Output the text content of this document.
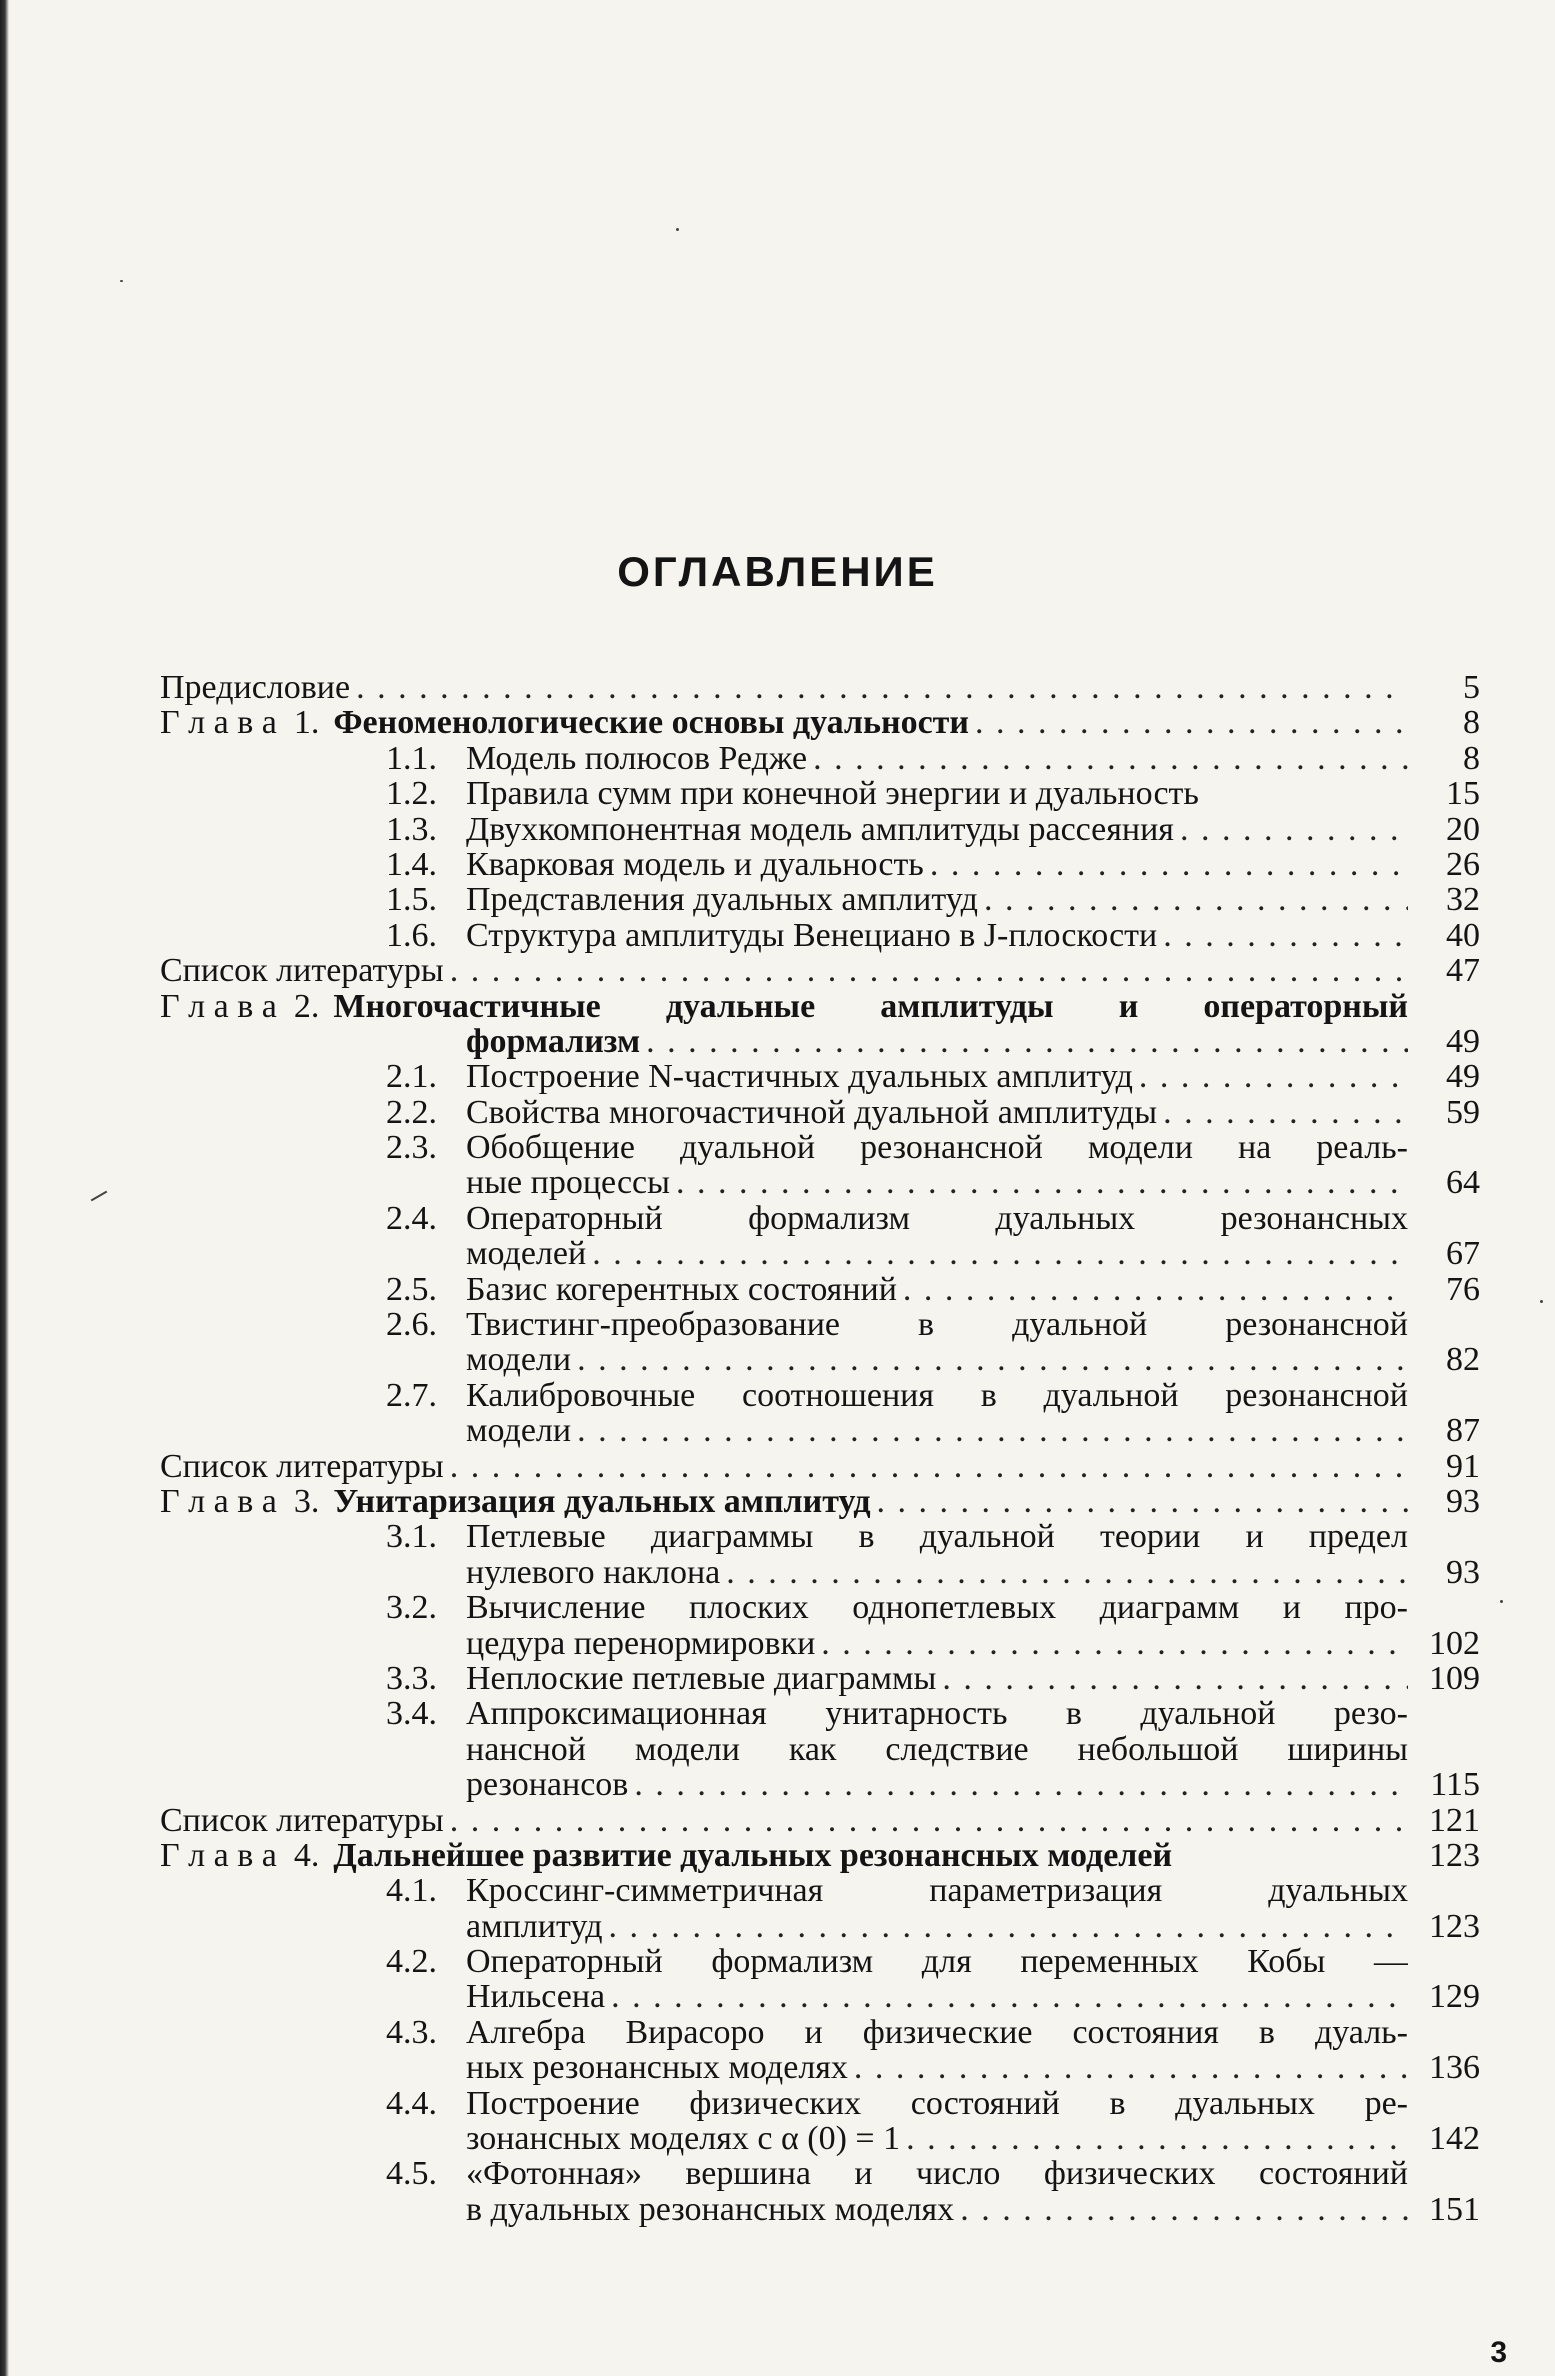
ОГЛАВЛЕНИЕ
Предисловие . . .	5
Г л а в а  1. Феноменологические основы дуальности . . .	8
1.1. Модель полюсов Редже . . .	8
1.2. Правила сумм при конечной энергии и дуальность	15
1.3. Двухкомпонентная модель амплитуды рассеяния . . .	20
1.4. Кварковая модель и дуальность . . .	26
1.5. Представления дуальных амплитуд . . .	32
1.6. Структура амплитуды Венециано в J-плоскости . . .	40
Список литературы . . .	47
Г л а в а  2. Многочастичные дуальные амплитуды и операторный
формализм . . .	49
2.1. Построение N-частичных дуальных амплитуд . . .	49
2.2. Свойства многочастичной дуальной амплитуды . . .	59
2.3. Обобщение дуальной резонансной модели на реаль-
ные процессы . . .	64
2.4. Операторный формализм дуальных резонансных
моделей . . .	67
2.5. Базис когерентных состояний . . .	76
2.6. Твистинг-преобразование в дуальной резонансной
модели . . .	82
2.7. Калибровочные соотношения в дуальной резонансной
модели . . .	87
Список литературы . . .	91
Г л а в а  3. Унитаризация дуальных амплитуд . . .	93
3.1. Петлевые диаграммы в дуальной теории и предел
нулевого наклона . . .	93
3.2. Вычисление плоских однопетлевых диаграмм и про-
цедура перенормировки . . .	102
3.3. Неплоские петлевые диаграммы . . .	109
3.4. Аппроксимационная унитарность в дуальной резо-
нансной модели как следствие небольшой ширины
резонансов . . .	115
Список литературы . . .	121
Г л а в а  4. Дальнейшее развитие дуальных резонансных моделей	123
4.1. Кроссинг-симметричная параметризация дуальных
амплитуд . . .	123
4.2. Операторный формализм для переменных Кобы —
Нильсена . . .	129
4.3. Алгебра Вирасоро и физические состояния в дуаль-
ных резонансных моделях . . .	136
4.4. Построение физических состояний в дуальных ре-
зонансных моделях с α (0) = 1 . . .	142
4.5. «Фотонная» вершина и число физических состояний
в дуальных резонансных моделях . . .	151
3
